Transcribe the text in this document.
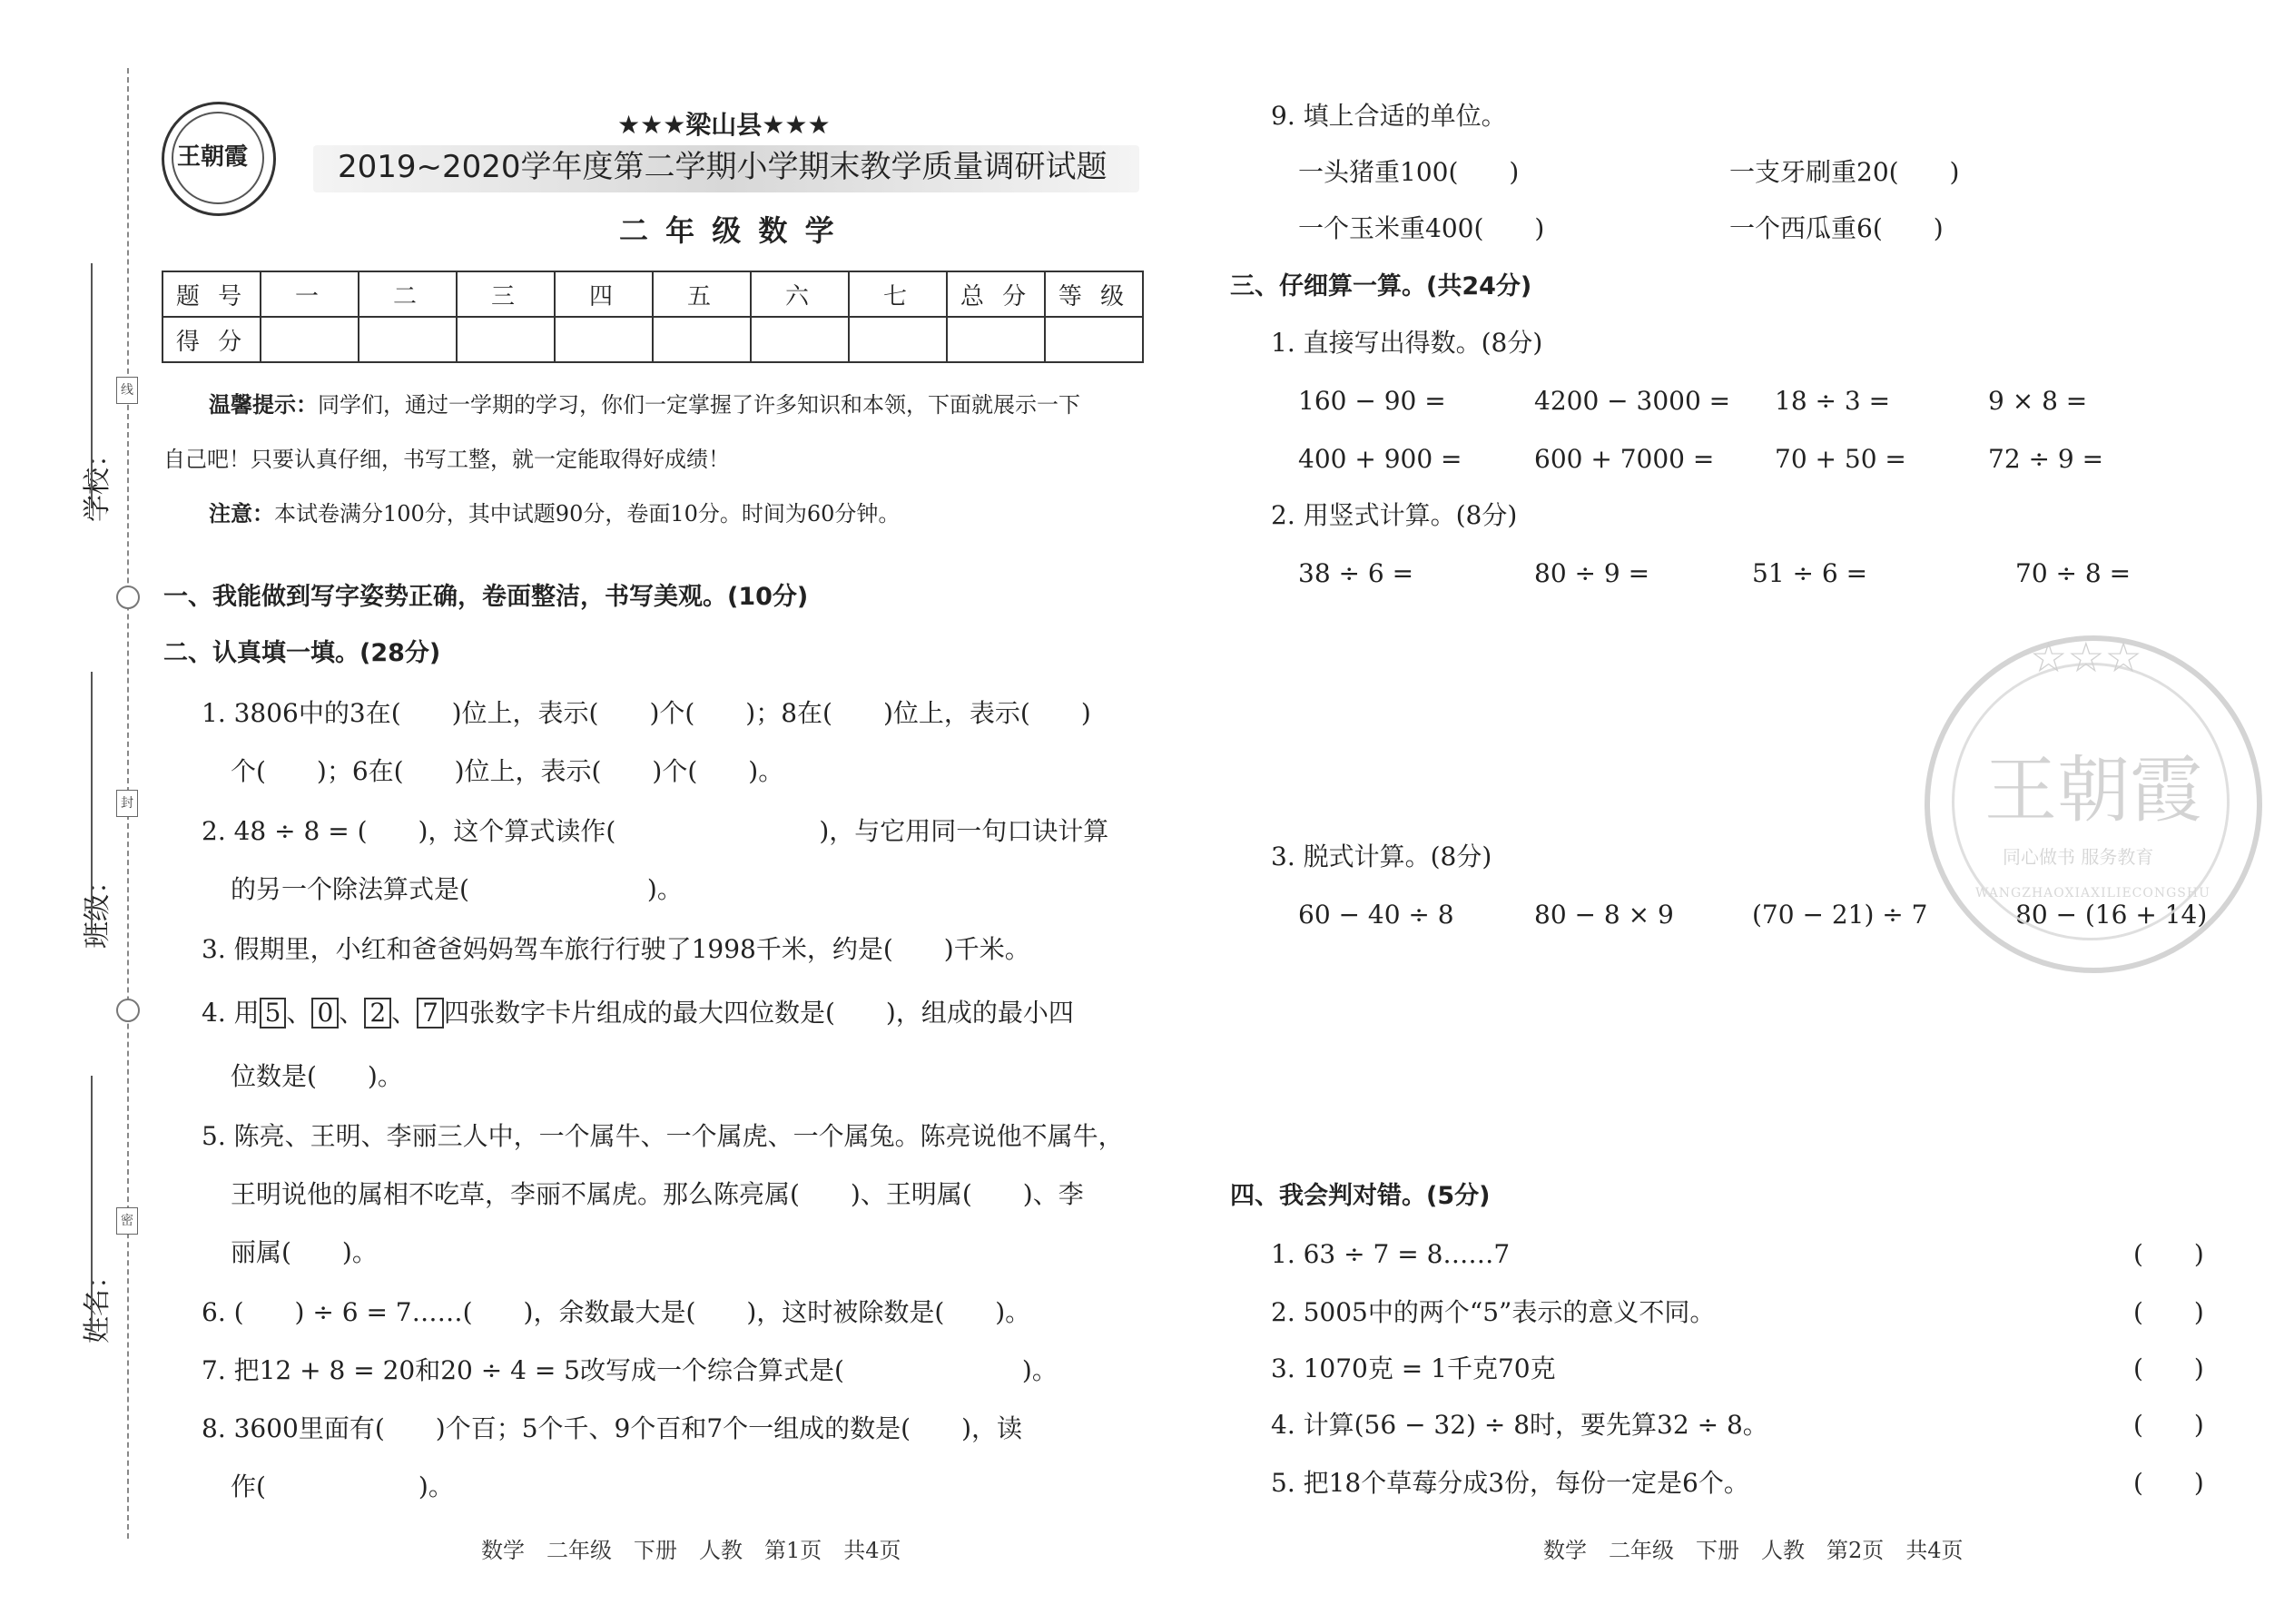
学校：
班级：
姓名：
线
封
密
王朝霞
★★★梁山县★★★
2019~2020学年度第二学期小学期末教学质量调研试题
二 年 级 数 学
题 号	一	二	三	四	五	六	七	总 分	等 级
得 分									
温馨提示：同学们，通过一学期的学习，你们一定掌握了许多知识和本领，下面就展示一下
自己吧！只要认真仔细，书写工整，就一定能取得好成绩！
注意：本试卷满分100分，其中试题90分，卷面10分。时间为60分钟。
一、我能做到写字姿势正确，卷面整洁，书写美观。(10分)
二、认真填一填。(28分)
1. 3806中的3在(　　)位上，表示(　　)个(　　)；8在(　　)位上，表示(　　)
个(　　)；6在(　　)位上，表示(　　)个(　　)。
2. 48 ÷ 8 = (　　)，这个算式读作(　　　　　　　　)，与它用同一句口诀计算
的另一个除法算式是(　　　　　　　)。
3. 假期里，小红和爸爸妈妈驾车旅行行驶了1998千米，约是(　　)千米。
4. 用 5 、 0 、 2 、 7 四张数字卡片组成的最大四位数是(　　)，组成的最小四
位数是(　　)。
5. 陈亮、王明、李丽三人中，一个属牛、一个属虎、一个属兔。陈亮说他不属牛，
王明说他的属相不吃草，李丽不属虎。那么陈亮属(　　)、王明属(　　)、李
丽属(　　)。
6. (　　) ÷ 6 = 7……(　　)，余数最大是(　　)，这时被除数是(　　)。
7. 把12 + 8 = 20和20 ÷ 4 = 5改写成一个综合算式是(　　　　　　　)。
8. 3600里面有(　　)个百；5个千、9个百和7个一组成的数是(　　)，读
作(　　　　　　)。
数学　二年级　下册　人教　第1页　共4页
9. 填上合适的单位。
一头猪重100(　　)	一支牙刷重20(　　)
一个玉米重400(　　)	一个西瓜重6(　　)
三、仔细算一算。(共24分)
1. 直接写出得数。(8分)
160 − 90 =	4200 − 3000 = 18 ÷ 3 =	9 × 8 =
400 + 900 =	600 + 7000 = 70 + 50 =	72 ÷ 9 =
2. 用竖式计算。(8分)
38 ÷ 6 =	80 ÷ 9 =	51 ÷ 6 =	70 ÷ 8 =
3. 脱式计算。(8分)
60 − 40 ÷ 8	80 − 8 × 9	(70 − 21) ÷ 7	80 − (16 + 14)
王朝霞
同心做书 服务教育
WANGZHAOXIAXILIECONGSHU
☆☆☆
四、我会判对错。(5分)
1. 63 ÷ 7 = 8……7
2. 5005中的两个“5”表示的意义不同。
3. 1070克 = 1千克70克
4. 计算(56 − 32) ÷ 8时，要先算32 ÷ 8。
5. 把18个草莓分成3份，每份一定是6个。
(　　)
(　　)
(　　)
(　　)
(　　)
数学　二年级　下册　人教　第2页　共4页
